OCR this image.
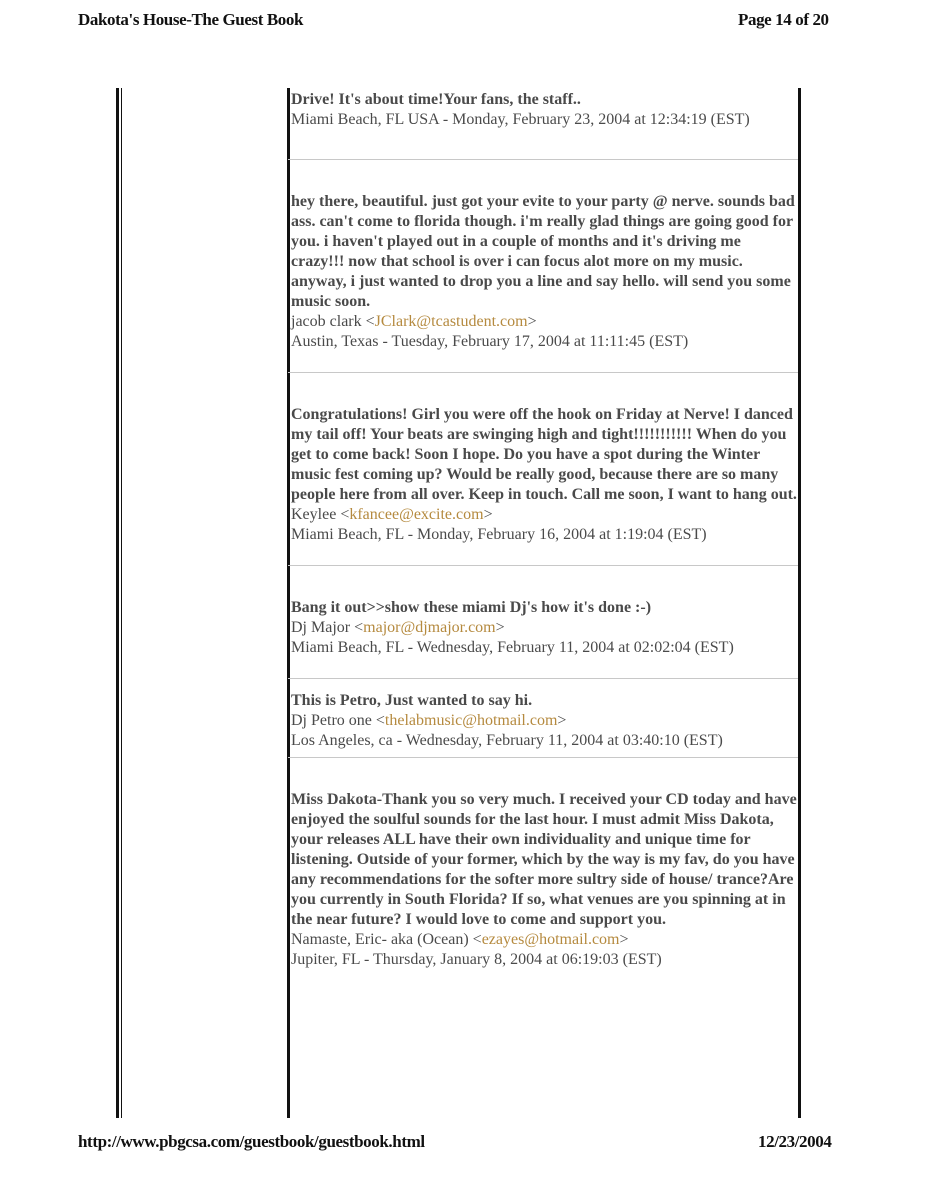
Dakota's House-The Guest Book	Page 14 of 20
Drive! It's about time!Your fans, the staff..
Miami Beach, FL USA - Monday, February 23, 2004 at 12:34:19 (EST)
hey there, beautiful. just got your evite to your party @ nerve. sounds bad ass. can't come to florida though. i'm really glad things are going good for you. i haven't played out in a couple of months and it's driving me crazy!!! now that school is over i can focus alot more on my music. anyway, i just wanted to drop you a line and say hello. will send you some music soon.
jacob clark <JClark@tcastudent.com>
Austin, Texas - Tuesday, February 17, 2004 at 11:11:45 (EST)
Congratulations! Girl you were off the hook on Friday at Nerve! I danced my tail off! Your beats are swinging high and tight!!!!!!!!!!! When do you get to come back! Soon I hope. Do you have a spot during the Winter music fest coming up? Would be really good, because there are so many people here from all over. Keep in touch. Call me soon, I want to hang out.
Keylee <kfancee@excite.com>
Miami Beach, FL - Monday, February 16, 2004 at 1:19:04 (EST)
Bang it out>>show these miami Dj's how it's done :-)
Dj Major <major@djmajor.com>
Miami Beach, FL - Wednesday, February 11, 2004 at 02:02:04 (EST)
This is Petro, Just wanted to say hi.
Dj Petro one <thelabmusic@hotmail.com>
Los Angeles, ca - Wednesday, February 11, 2004 at 03:40:10 (EST)
Miss Dakota-Thank you so very much. I received your CD today and have enjoyed the soulful sounds for the last hour. I must admit Miss Dakota, your releases ALL have their own individuality and unique time for listening. Outside of your former, which by the way is my fav, do you have any recommendations for the softer more sultry side of house/ trance?Are you currently in South Florida? If so, what venues are you spinning at in the near future? I would love to come and support you.
Namaste, Eric- aka (Ocean) <ezayes@hotmail.com>
Jupiter, FL - Thursday, January 8, 2004 at 06:19:03 (EST)
http://www.pbgcsa.com/guestbook/guestbook.html	12/23/2004
